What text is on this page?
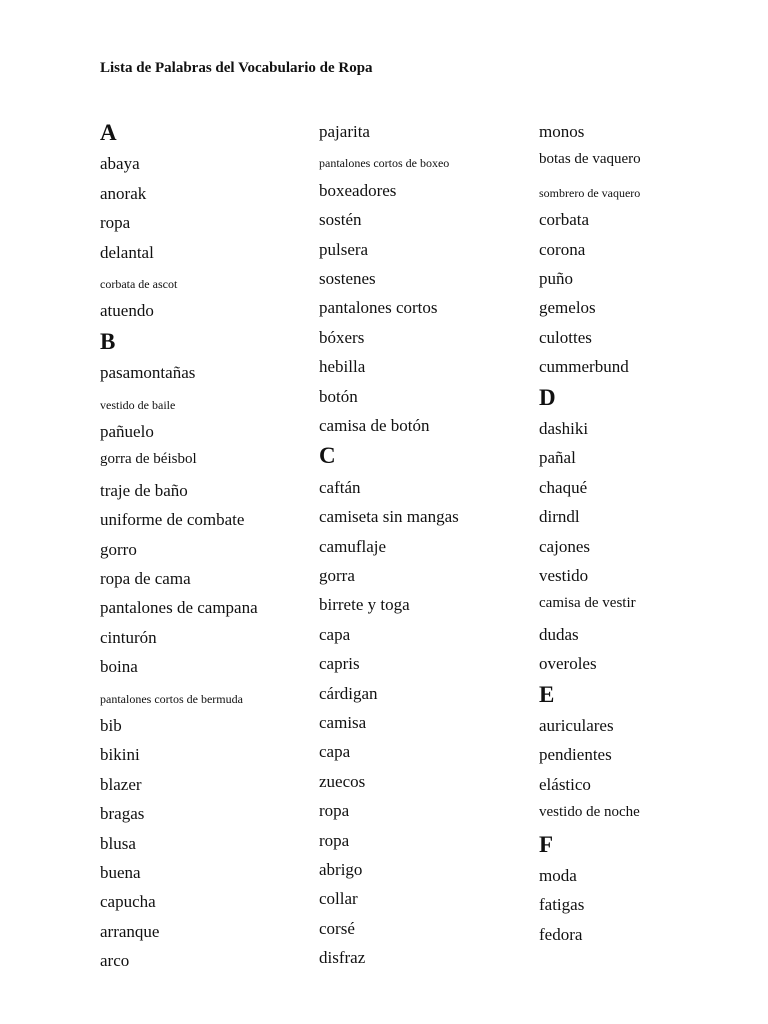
Lista de Palabras del Vocabulario de Ropa
A
abaya
anorak
ropa
delantal
corbata de ascot
atuendo
B
pasamontañas
vestido de baile
pañuelo
gorra de béisbol
traje de baño
uniforme de combate
gorro
ropa de cama
pantalones de campana
cinturón
boina
pantalones cortos de bermuda
bib
bikini
blazer
bragas
blusa
buena
capucha
arranque
arco
pajarita
pantalones cortos de boxeo
boxeadores
sostén
pulsera
sostenes
pantalones cortos
bóxers
hebilla
botón
camisa de botón
C
caftán
camiseta sin mangas
camuflaje
gorra
birrete y toga
capa
capris
cárdigan
camisa
capa
zuecos
ropa
ropa
abrigo
collar
corsé
disfraz
monos
botas de vaquero
sombrero de vaquero
corbata
corona
puño
gemelos
culottes
cummerbund
D
dashiki
pañal
chaqué
dirndl
cajones
vestido
camisa de vestir
dudas
overoles
E
auriculares
pendientes
elástico
vestido de noche
F
moda
fatigas
fedora
